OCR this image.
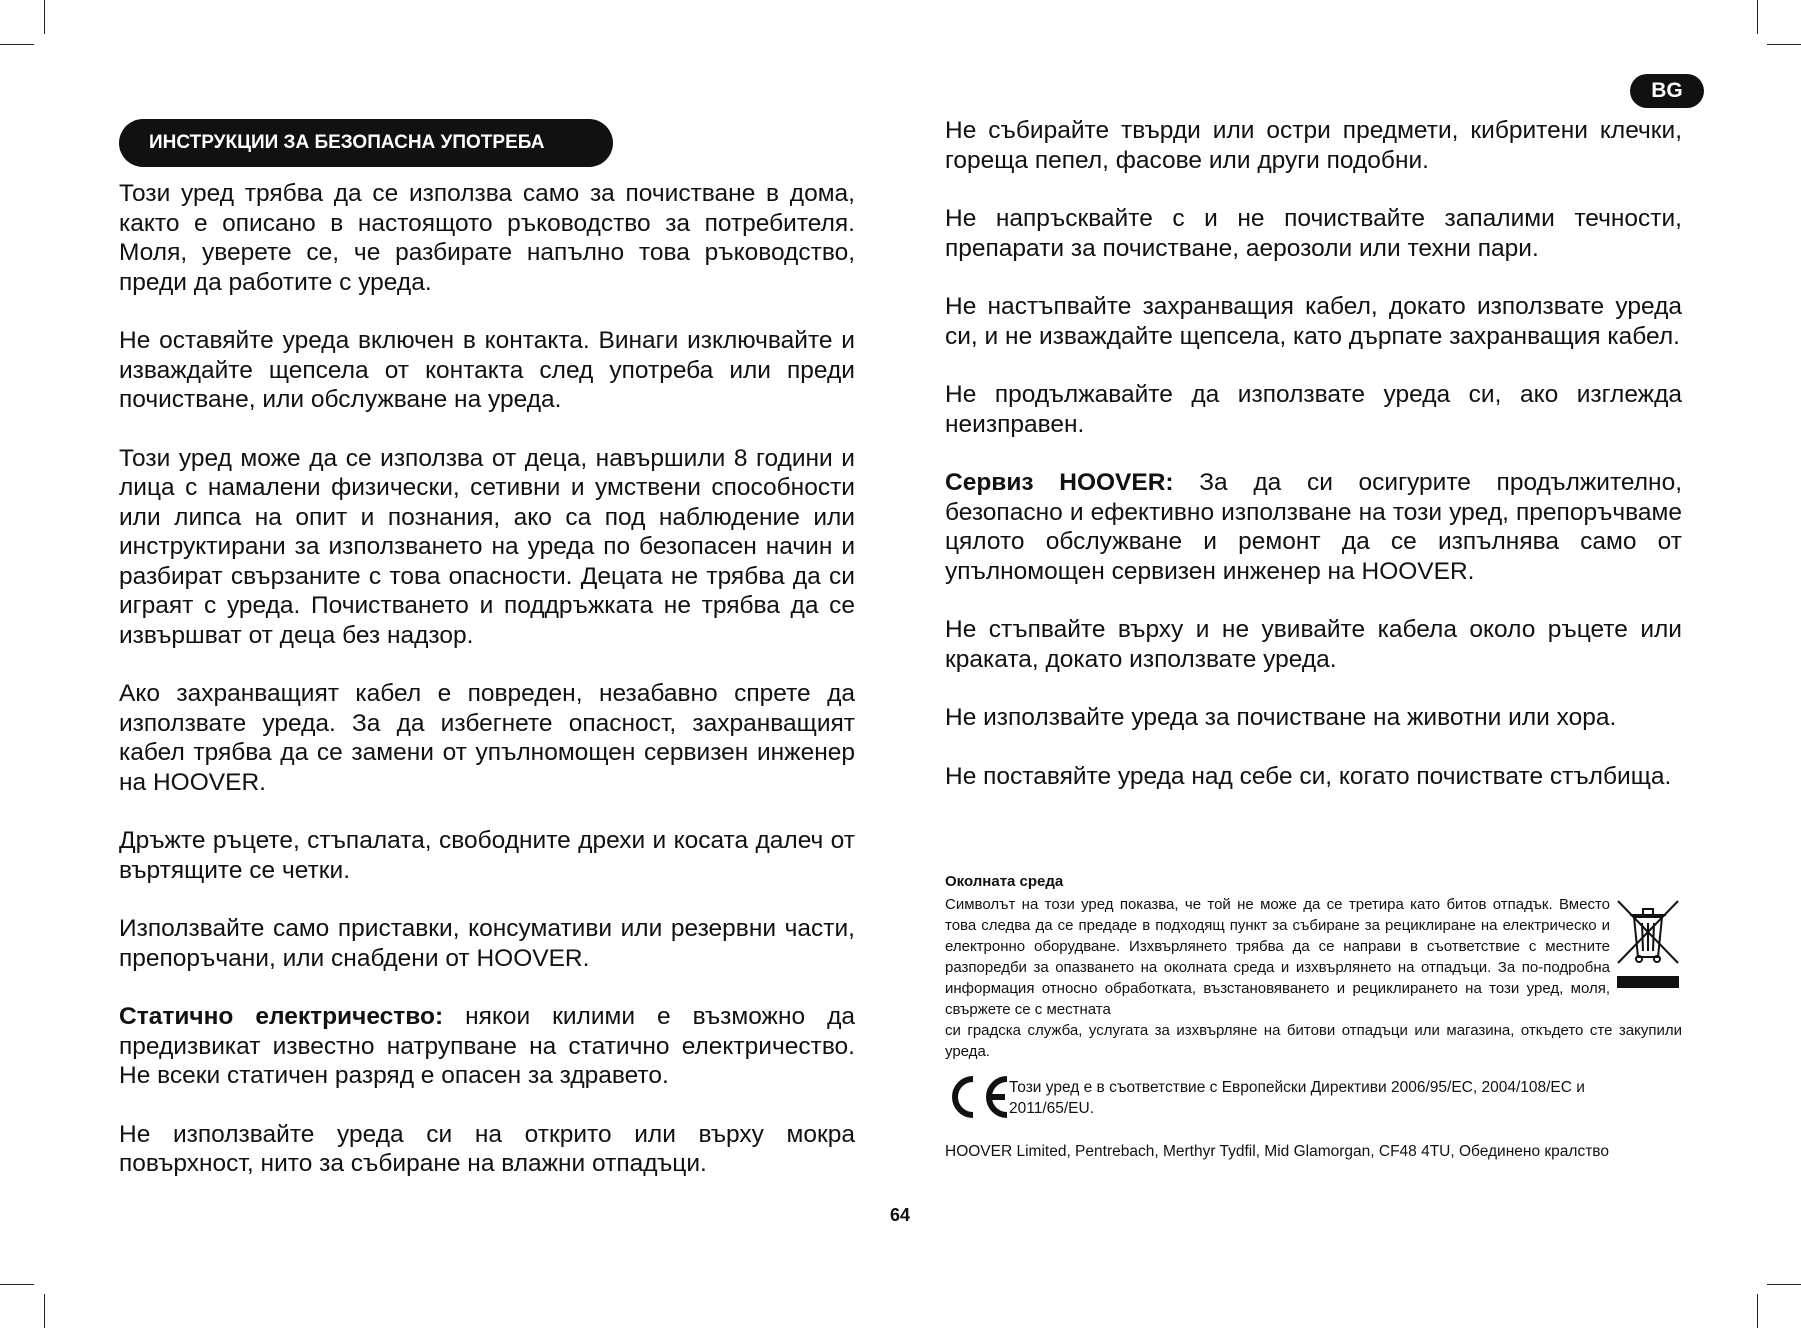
BG
ИНСТРУКЦИИ ЗА БЕЗОПАСНА УПОТРЕБА

Този уред трябва да се използва само за почистване в дома, както е описано в настоящото ръководство за потребителя. Моля, уверете се, че разбирате напълно това ръководство, преди да работите с уреда.

Не оставяйте уреда включен в контакта. Винаги изключвайте и изваждайте щепсела от контакта след употреба или преди почистване, или обслужване на уреда.

Този уред може да се използва от деца, навършили 8 години и лица с намалени физически, сетивни и умствени способности или липса на опит и познания, ако са под наблюдение или инструктирани за използването на уреда по безопасен начин и разбират свързаните с това опасности. Децата не трябва да си играят с уреда. Почистването и поддръжката не трябва да се извършват от деца без надзор.

Ако захранващият кабел е повреден, незабавно спрете да използвате уреда. За да избегнете опасност, захранващият кабел трябва да се замени от упълномощен сервизен инженер на HOOVER.

Дръжте ръцете, стъпалата, свободните дрехи и косата далеч от въртящите се четки.

Използвайте само приставки, консумативи или резервни части, препоръчани, или снабдени от HOOVER.

Статично електричество: някои килими е възможно да предизвикат известно натрупване на статично електричество. Не всеки статичен разряд е опасен за здравето.

Не използвайте уреда си на открито или върху мокра повърхност, нито за събиране на влажни отпадъци.

Не събирайте твърди или остри предмети, кибритени клечки, гореща пепел, фасове или други подобни.

Не напръсквайте с и не почиствайте запалими течности, препарати за почистване, аерозоли или техни пари.

Не настъпвайте захранващия кабел, докато използвате уреда си, и не изваждайте щепсела, като дърпате захранващия кабел.

Не продължавайте да използвате уреда си, ако изглежда неизправен.

Сервиз HOOVER: За да си осигурите продължително, безопасно и ефективно използване на този уред, препоръчваме цялото обслужване и ремонт да се изпълнява само от упълномощен сервизен инженер на HOOVER.

Не стъпвайте върху и не увивайте кабела около ръцете или краката, докато използвате уреда.

Не използвайте уреда за почистване на животни или хора.

Не поставяйте уреда над себе си, когато почиствате стълбища.

Околната среда

Символът на този уред показва, че той не може да се третира като битов отпадък. Вместо това следва да се предаде в подходящ пункт за събиране за рециклиране на електрическо и електронно оборудване. Изхвърлянето трябва да се направи в съответствие с местните разпоредби за опазването на околната среда и изхвърлянето на отпадъци. За по-подробна информация относно обработката, възстановяването и рециклирането на този уред, моля, свържете се с местната

си градска служба, услугата за изхвърляне на битови отпадъци или магазина, откъдето сте закупили уреда.

Този уред е в съответствие с Европейски Директиви 2006/95/EC, 2004/108/EC и 2011/65/EU.
HOOVER Limited, Pentrebach, Merthyr Tydfil, Mid Glamorgan, CF48 4TU, Обединено кралство
64
